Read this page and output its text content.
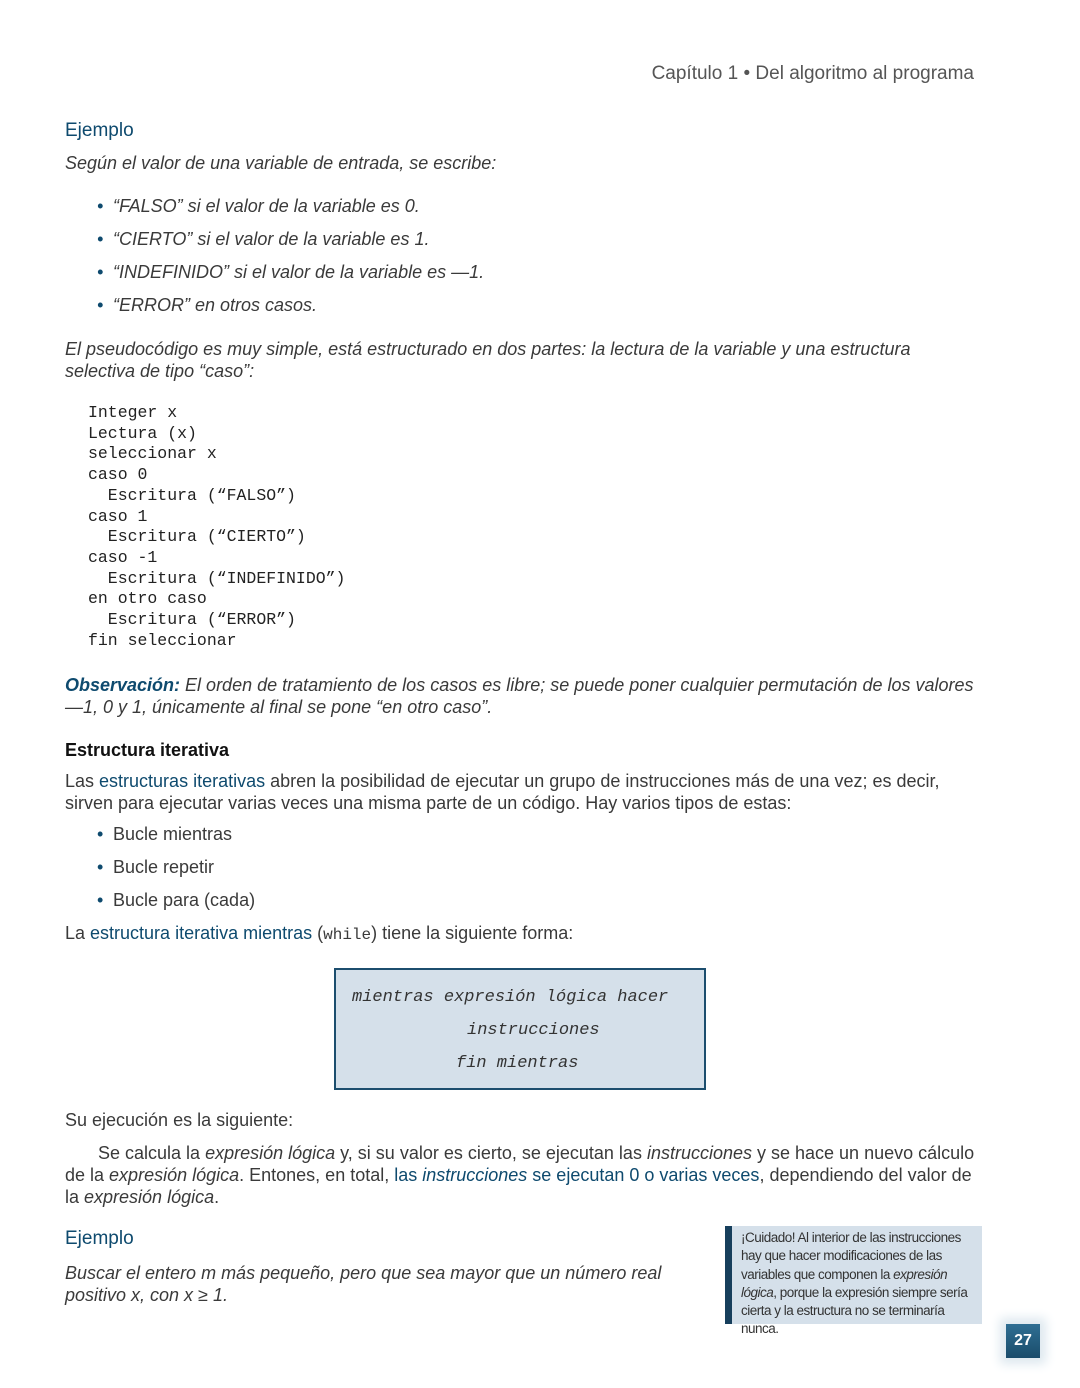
Capítulo 1 • Del algoritmo al programa
Ejemplo
Según el valor de una variable de entrada, se escribe:
• “FALSO” si el valor de la variable es 0.
• “CIERTO” si el valor de la variable es 1.
• “INDEFINIDO” si el valor de la variable es —1.
• “ERROR” en otros casos.
El pseudocódigo es muy simple, está estructurado en dos partes: la lectura de la variable y una estructura selectiva de tipo “caso”:
Integer x
Lectura (x)
seleccionar x
caso 0
Escritura (“FALSO”)
caso 1
Escritura (“CIERTO”)
caso -1
Escritura (“INDEFINIDO”)
en otro caso
Escritura (“ERROR”)
fin seleccionar
Observación: El orden de tratamiento de los casos es libre; se puede poner cualquier permutación de los valores —1, 0 y 1, únicamente al final se pone “en otro caso”.
Estructura iterativa
Las estructuras iterativas abren la posibilidad de ejecutar un grupo de instrucciones más de una vez; es decir, sirven para ejecutar varias veces una misma parte de un código. Hay varios tipos de estas:
• Bucle mientras
• Bucle repetir
• Bucle para (cada)
La estructura iterativa mientras (while) tiene la siguiente forma:
mientras expresión lógica hacer
instrucciones
fin mientras
Su ejecución es la siguiente:
Se calcula la expresión lógica y, si su valor es cierto, se ejecutan las instrucciones y se hace un nuevo cálculo de la expresión lógica. Entones, en total, las instrucciones se ejecutan 0 o varias veces, dependiendo del valor de la expresión lógica.
Ejemplo
Buscar el entero m más pequeño, pero que sea mayor que un número real positivo x, con x ≥ 1.

¡Cuidado! Al interior de las instrucciones hay que hacer modificaciones de las variables que componen la expresión lógica, porque la expresión siempre sería cierta y la estructura no se terminaría nunca.

27
